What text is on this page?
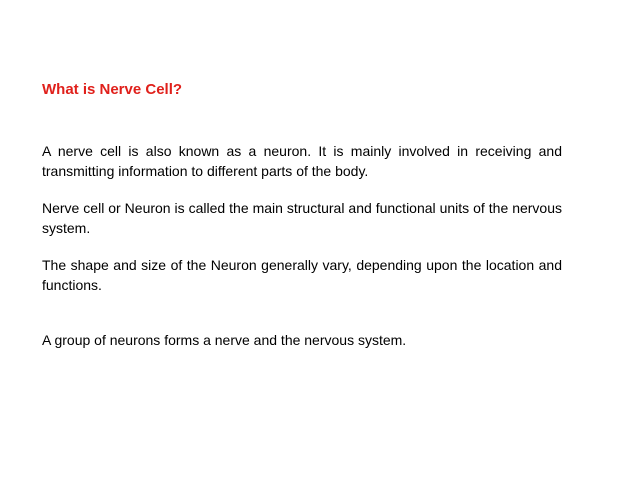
What is Nerve Cell?

A nerve cell is also known as a neuron. It is mainly involved in receiving and transmitting information to different parts of the body.

Nerve cell or Neuron is called the main structural and functional units of the nervous system.

The shape and size of the Neuron generally vary, depending upon the location and functions.

A group of neurons forms a nerve and the nervous system.
